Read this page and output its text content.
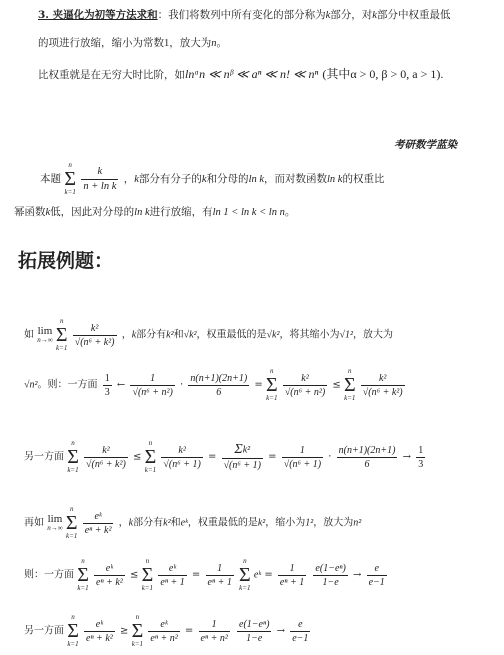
3. 夹逼化为初等方法求和：我们将数列中所有变化的部分称为k部分，对k部分中权重最低
的项进行放缩，缩小为常数1，放大为n。
比权重就是在无穷大时比阶，如lnᵅn ≪ nᵝ ≪ aⁿ ≪ n! ≪ nⁿ (其中α > 0, β > 0, a > 1).
考研数学蓝染
本题
n
Σ
k=1
$\frac{k}{\text{n + ln k}}$ ，k部分有分子的k和分母的ln k，而对数函数ln k的权重比
幂函数k低，因此对分母的ln k进行放缩，有ln 1 < ln k < ln n。
拓展例题：
如 lim
n→∞

n
Σ
k=1

$\frac{\text{k²}}{\text{√(n⁶ + k²)}}$ ，k部分有k²和√k²，权重最低的是√k²，将其缩小为√1²，放大为
√n²。则：一方面 $\frac{1}{3}$ ← $\frac{1}{\text{√(n⁶ + n²)}} \cdot \frac{n(n+1)(2n+1)}{6}$ =
n
Σ
k=1

$\frac{\text{k²}}{\text{√(n⁶ + n²)}}$ ≤
n
Σ
k=1

$\frac{\text{k²}}{\text{√(n⁶ + k²)}}$
另一方面
n
Σ
k=1

$\frac{\text{k²}}{\text{√(n⁶ + k²)}}$ ≤
n
Σ
k=1

$\frac{\text{k²}}{\text{√(n⁶ + 1)}} = \frac{\text{Σ k²}}{\text{√(n⁶ + 1)}} = \frac{1}{\text{√(n⁶ + 1)}} \cdot \frac{n(n+1)(2n+1)}{6} \to \frac{1}{3}$
再如 lim
n→∞

n
Σ
k=1

$\frac{\text{eᵏ}}{\text{eⁿ + k²}}$ ，k部分有k²和eᵏ，权重最低的是k²，缩小为1²，放大为n²
则：一方面
n
Σ
k=1

$\frac{\text{eᵏ}}{\text{eⁿ + k²}}$ ≤
n
Σ
k=1

$\frac{\text{eᵏ}}{\text{eⁿ + 1}} = \frac{1}{\text{eⁿ + 1}}$

n
Σ
k=1
eᵏ = $\frac{1}{\text{eⁿ + 1}}$
$\frac{\text{e(1−eⁿ)}}{1-e} \to \frac{e}{e-1}$
另一方面
n
Σ
k=1

$\frac{\text{eᵏ}}{\text{eⁿ + k²}}$ ≥
n
Σ
k=1

$\frac{\text{eᵏ}}{\text{eⁿ + n²}} = \frac{1}{\text{eⁿ + n²}}$
$\frac{\text{e(1−eⁿ)}}{1-e} \to \frac{e}{e-1}$
